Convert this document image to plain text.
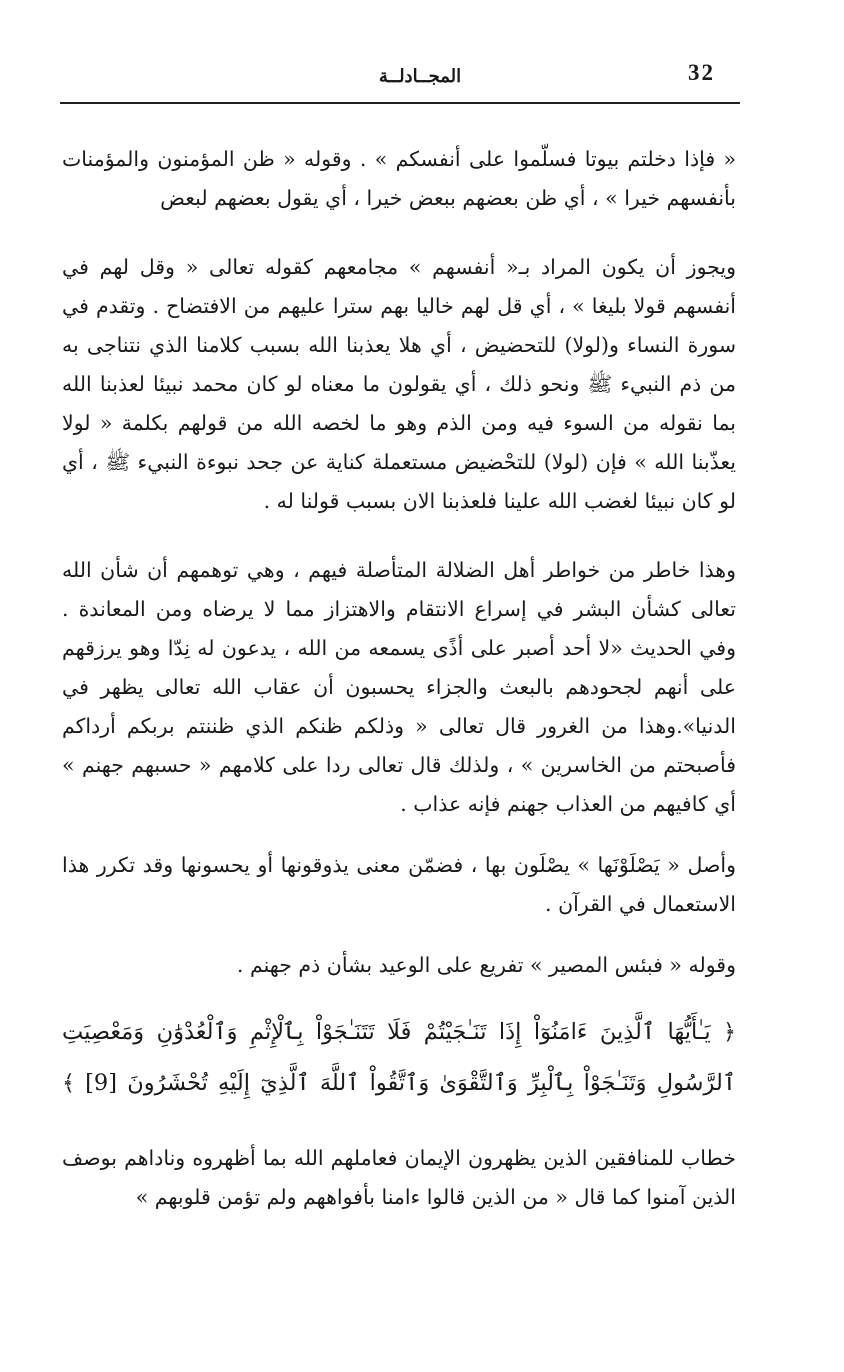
32
المجــادلــة

« فإذا دخلتم بيوتا فسلّموا على أنفسكم » . وقوله « ظن المؤمنون والمؤمنات بأنفسهم خيرا » ، أي ظن بعضهم ببعض خيرا ، أي يقول بعضهم لبعض

ويجوز أن يكون المراد بـ« أنفسهم » مجامعهم كقوله تعالى « وقل لهم في أنفسهم قولا بليغا » ، أي قل لهم خاليا بهم سترا عليهم من الافتضاح . وتقدم في سورة النساء و(لولا) للتحضيض ، أي هلا يعذبنا الله بسبب كلامنا الذي نتناجى به من ذم النبيء ﷺ ونحو ذلك ، أي يقولون ما معناه لو كان محمد نبيئا لعذبنا الله بما نقوله من السوء فيه ومن الذم وهو ما لخصه الله من قولهم بكلمة « لولا يعذّبنا الله » فإن (لولا) للتحْضيض مستعملة كناية عن جحد نبوءة النبيء ﷺ ، أي لو كان نبيئا لغضب الله علينا فلعذبنا الان بسبب قولنا له .

وهذا خاطر من خواطر أهل الضلالة المتأصلة فيهم ، وهي توهمهم أن شأن الله تعالى كشأن البشر في إسراع الانتقام والاهتزاز مما لا يرضاه ومن المعاندة . وفي الحديث «لا أحد أصبر على أذًى يسمعه من الله ، يدعون له نِدّا وهو يرزقهم على أنهم لجحودهم بالبعث والجزاء يحسبون أن عقاب الله تعالى يظهر في الدنيا».وهذا من الغرور قال تعالى « وذلكم ظنكم الذي ظننتم بربكم أرداكم فأصبحتم من الخاسرين » ، ولذلك قال تعالى ردا على كلامهم « حسبهم جهنم » أي كافيهم من العذاب جهنم فإنه عذاب .

وأصل « يَصْلَوْنَها » يصْلَون بها ، فضمّن معنى يذوقونها أو يحسونها وقد تكرر هذا الاستعمال في القرآن .

وقوله « فبئس المصير » تفريع على الوعيد بشأن ذم جهنم .

﴿ يَـٰأَيُّهَا ٱلَّذِينَ ءَامَنُوٓاْ إِذَا تَنَـٰجَيْتُمْ فَلَا تَتَنَـٰجَوْاْ بِٱلْإِثْمِ وَٱلْعُدْوَٰنِ وَمَعْصِيَتِ ٱلرَّسُولِ وَتَنَـٰجَوْاْ بِٱلْبِرِّ وَٱلتَّقْوَىٰ وَٱتَّقُواْ ٱللَّهَ ٱلَّذِيٓ إِلَيْهِ تُحْشَرُونَ [9] ﴾

خطاب للمنافقين الذين يظهرون الإيمان فعاملهم الله بما أظهروه وناداهم بوصف الذين آمنوا كما قال « من الذين قالوا ءامنا بأفواههم ولم تؤمن قلوبهم »
